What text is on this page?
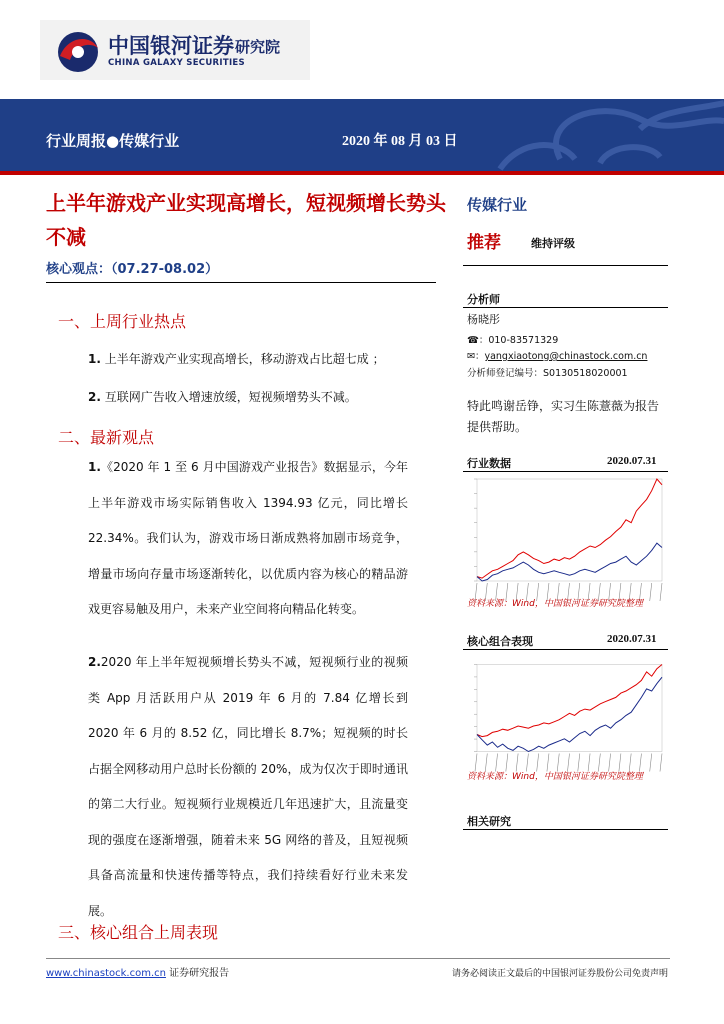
中国银河证券 研究院
CHINA GALAXY SECURITIES
行业周报●传媒行业	2020 年 08 月 03 日
上半年游戏产业实现高增长，短视频增长势头不减
核心观点：（07.27-08.02）
一、上周行业热点
1. 上半年游戏产业实现高增长，移动游戏占比超七成 ；
2. 互联网广告收入增速放缓，短视频增势头不减。
二、最新观点
1.《2020 年 1 至 6 月中国游戏产业报告》数据显示，今年上半年游戏市场实际销售收入 1394.93 亿元，同比增长 22.34%。我们认为，游戏市场日渐成熟将加剧市场竞争，增量市场向存量市场逐渐转化，以优质内容为核心的精品游戏更容易触及用户，未来产业空间将向精品化转变。
2.2020 年上半年短视频增长势头不减，短视频行业的视频类 App 月活跃用户从 2019 年 6 月的 7.84 亿增长到 2020 年 6 月的 8.52 亿，同比增长 8.7%；短视频的时长占据全网移动用户总时长份额的 20%，成为仅次于即时通讯的第二大行业。短视频行业规模近几年迅速扩大，且流量变现的强度在逐渐增强，随着未来 5G 网络的普及，且短视频具备高流量和快速传播等特点，我们持续看好行业未来发展。
三、核心组合上周表现
传媒行业
推荐	维持评级
分析师
杨晓彤
☎：010-83571329
✉：yangxiaotong@chinastock.com.cn
分析师登记编号：S0130518020001
特此鸣谢岳铮，实习生陈薏薇为报告提供帮助。
行业数据	2020.07.31
资料来源：Wind，中国银河证券研究院整理
核心组合表现	2020.07.31
资料来源：Wind，中国银河证券研究院整理
相关研究
www.chinastock.com.cn 证券研究报告	请务必阅读正文最后的中国银河证券股份公司免责声明
